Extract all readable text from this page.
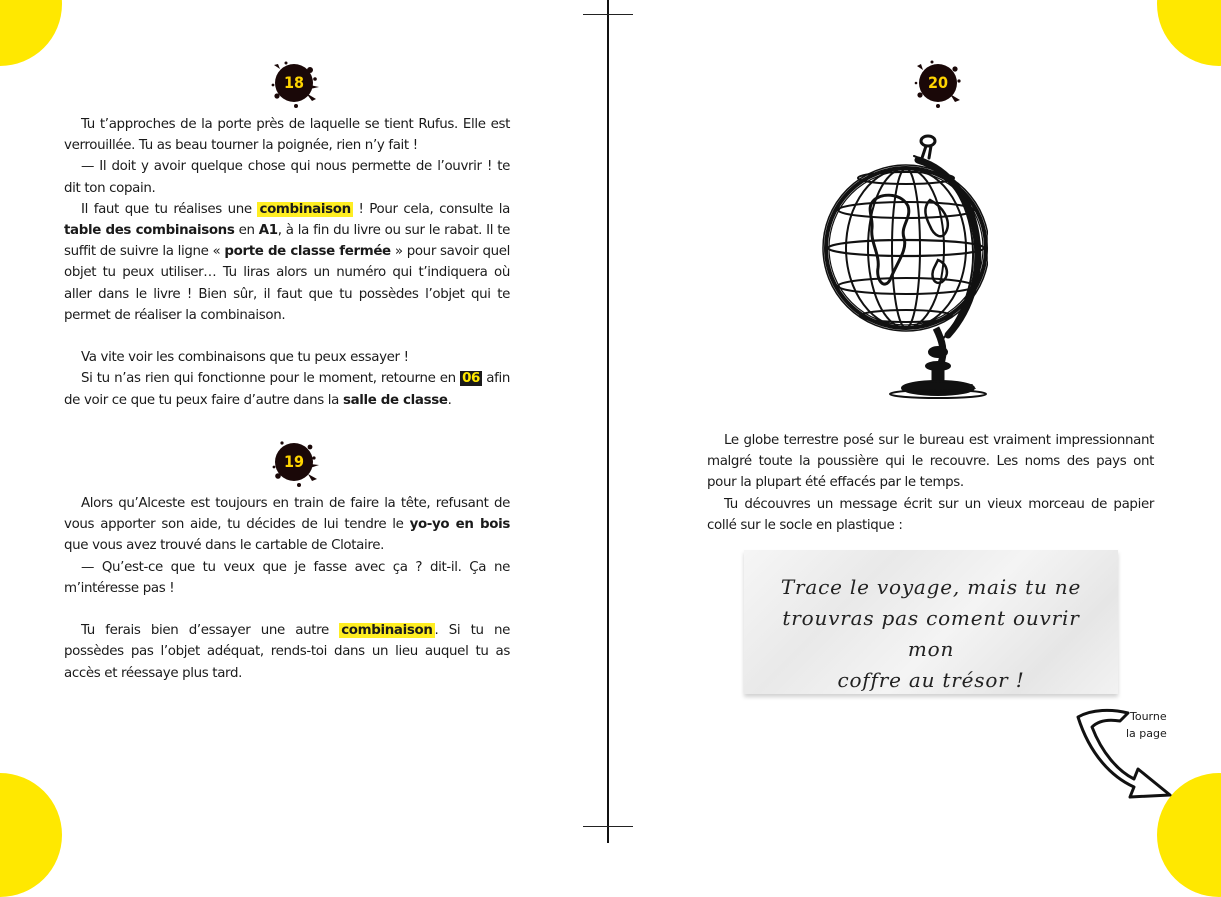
18

Tu t’approches de la porte près de laquelle se tient Rufus. Elle est verrouillée. Tu as beau tourner la poignée, rien n’y fait !

— Il doit y avoir quelque chose qui nous permette de l’ouvrir ! te dit ton copain.

Il faut que tu réalises une combinaison ! Pour cela, consulte la table des combinaisons en A1, à la fin du livre ou sur le rabat. Il te suffit de suivre la ligne « porte de classe fermée » pour savoir quel objet tu peux utiliser… Tu liras alors un numéro qui t’indiquera où aller dans le livre ! Bien sûr, il faut que tu possèdes l’objet qui te permet de réaliser la combinaison.

Va vite voir les combinaisons que tu peux essayer !

Si tu n’as rien qui fonctionne pour le moment, retourne en 06 afin de voir ce que tu peux faire d’autre dans la salle de classe.

19

Alors qu’Alceste est toujours en train de faire la tête, refusant de vous apporter son aide, tu décides de lui tendre le yo-yo en bois que vous avez trouvé dans le cartable de Clotaire.

— Qu’est-ce que tu veux que je fasse avec ça ? dit-il. Ça ne m’intéresse pas !

Tu ferais bien d’essayer une autre combinaison . Si tu ne possèdes pas l’objet adéquat, rends-toi dans un lieu auquel tu as accès et réessaye plus tard.

20
s.

Le globe terrestre posé sur le bureau est vraiment impressionnant malgré toute la poussière qui le recouvre. Les noms des pays ont pour la plupart été effacés par le temps.

Tu découvres un message écrit sur un vieux morceau de papier collé sur le socle en plastique :

Trace le voyage, mais tu ne
trouvras pas coment ouvrir mon
coffre au trésor !
Tourne
la page
